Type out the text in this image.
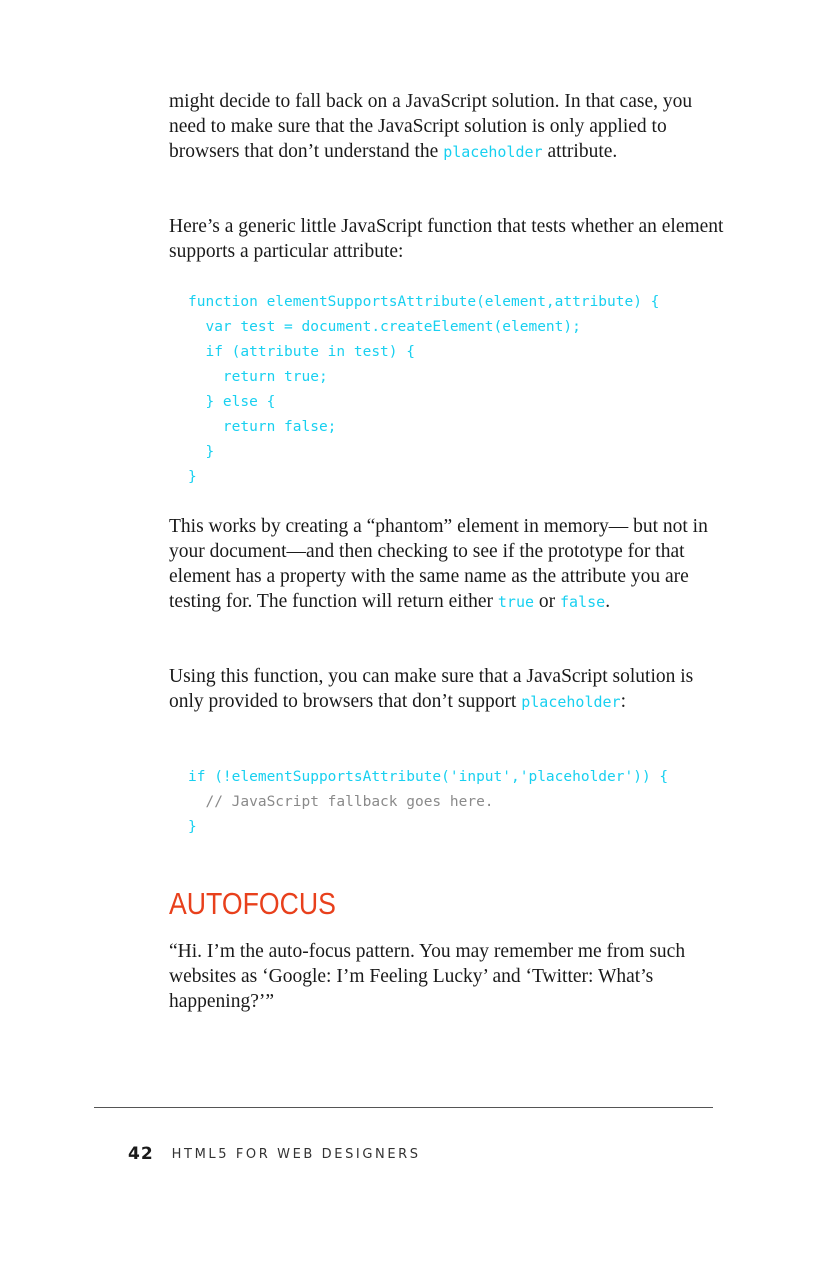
might decide to fall back on a JavaScript solution. In that case, you need to make sure that the JavaScript solution is only applied to browsers that don’t understand the placeholder attribute.

Here’s a generic little JavaScript function that tests whether an element supports a particular attribute:

function elementSupportsAttribute(element,attribute) {
var test = document.createElement(element);
if (attribute in test) {
return true;
} else {
return false;
}
}

This works by creating a “phantom” element in memory— but not in your document—and then checking to see if the prototype for that element has a property with the same name as the attribute you are testing for. The function will return either true or false.

Using this function, you can make sure that a JavaScript solution is only provided to browsers that don’t support placeholder:

if (!elementSupportsAttribute('input','placeholder')) {
// JavaScript fallback goes here.
}
AUTOFOCUS

“Hi. I’m the auto-focus pattern. You may remember me from such websites as ‘Google: I’m Feeling Lucky’ and ‘Twitter: What’s happening?’”

42 HTML5 FOR WEB DESIGNERS
